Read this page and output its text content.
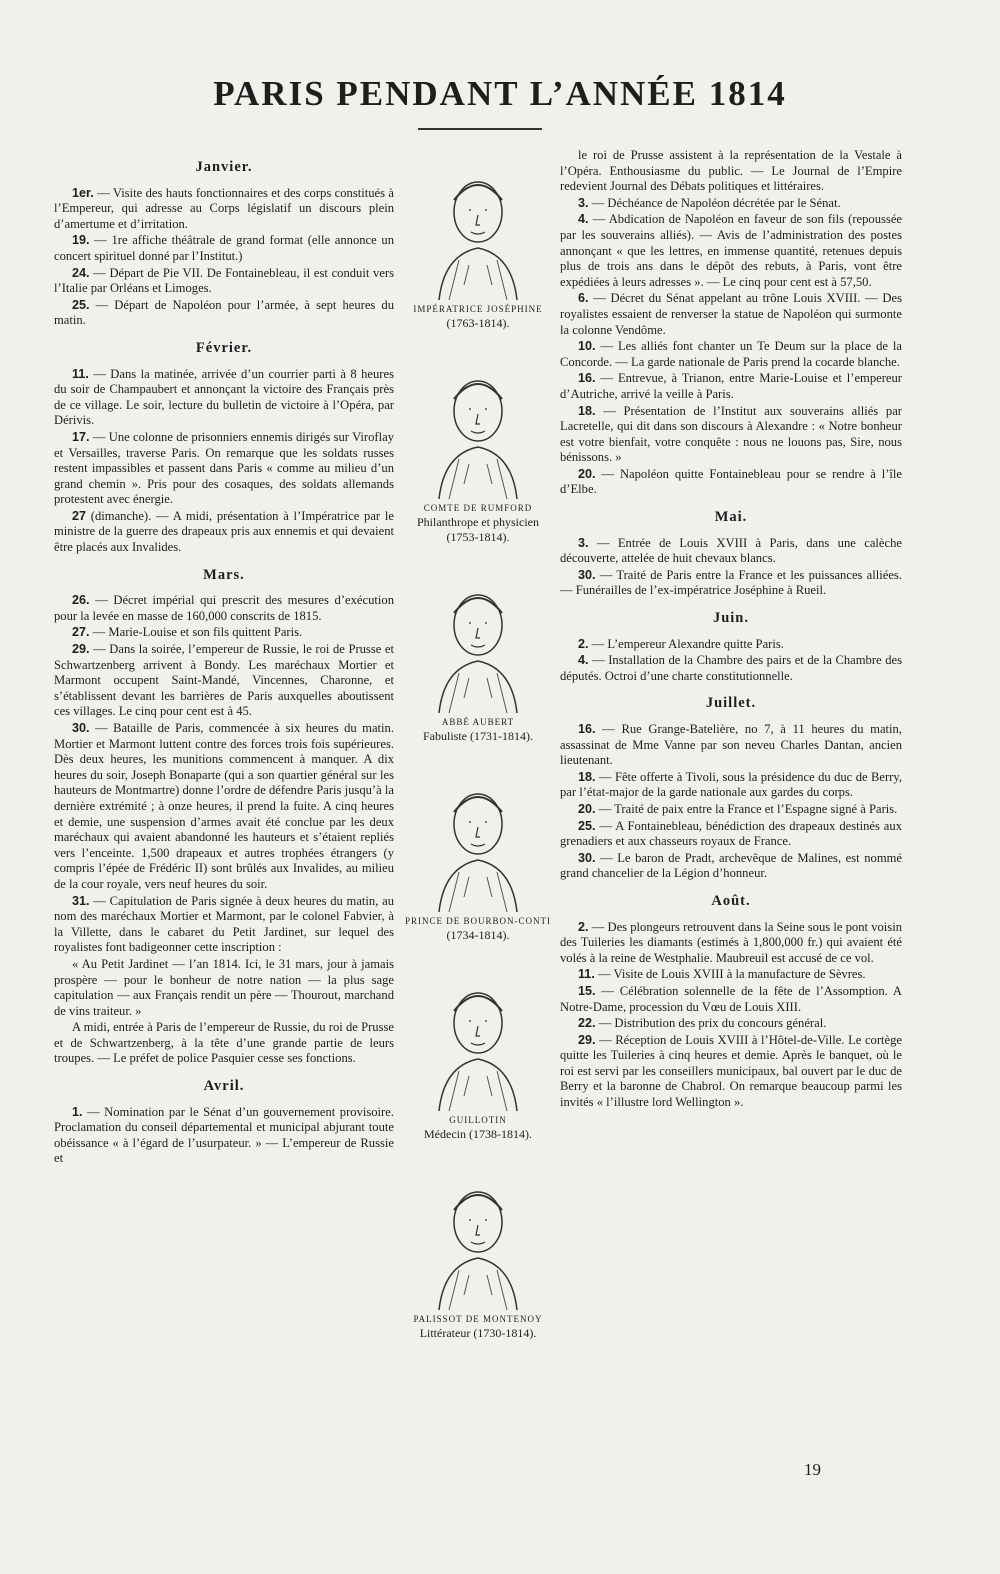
PARIS PENDANT L’ANNÉE 1814
Janvier.

1er. — Visite des hauts fonctionnaires et des corps constitués à l’Empereur, qui adresse au Corps législatif un discours plein d’amertume et d’irritation.

19. — 1re affiche théâtrale de grand format (elle annonce un concert spirituel donné par l’Institut.)

24. — Départ de Pie VII. De Fontainebleau, il est conduit vers l’Italie par Orléans et Limoges.

25. — Départ de Napoléon pour l’armée, à sept heures du matin.

Février.

11. — Dans la matinée, arrivée d’un courrier parti à 8 heures du soir de Champaubert et annonçant la victoire des Français près de ce village. Le soir, lecture du bulletin de victoire à l’Opéra, par Dérivis.

17. — Une colonne de prisonniers ennemis dirigés sur Viroflay et Versailles, traverse Paris. On remarque que les soldats russes restent impassibles et passent dans Paris « comme au milieu d’un grand chemin ». Pris pour des cosaques, des soldats allemands protestent avec énergie.

27 (dimanche). — A midi, présentation à l’Impératrice par le ministre de la guerre des drapeaux pris aux ennemis et qui devaient être placés aux Invalides.

Mars.

26. — Décret impérial qui prescrit des mesures d’exécution pour la levée en masse de 160,000 conscrits de 1815.

27. — Marie-Louise et son fils quittent Paris.

29. — Dans la soirée, l’empereur de Russie, le roi de Prusse et Schwartzenberg arrivent à Bondy. Les maréchaux Mortier et Marmont occupent Saint-Mandé, Vincennes, Charonne, et s’établissent devant les barrières de Paris auxquelles aboutissent ces villages. Le cinq pour cent est à 45.

30. — Bataille de Paris, commencée à six heures du matin. Mortier et Marmont luttent contre des forces trois fois supérieures. Dès deux heures, les munitions commencent à manquer. A dix heures du soir, Joseph Bonaparte (qui a son quartier général sur les hauteurs de Montmartre) donne l’ordre de défendre Paris jusqu’à la dernière extrémité ; à onze heures, il prend la fuite. A cinq heures et demie, une suspension d’armes avait été conclue par les deux maréchaux qui avaient abandonné les hauteurs et s’étaient repliés vers l’enceinte. 1,500 drapeaux et autres trophées étrangers (y compris l’épée de Frédéric II) sont brûlés aux Invalides, au milieu de la cour royale, vers neuf heures du soir.

31. — Capitulation de Paris signée à deux heures du matin, au nom des maréchaux Mortier et Marmont, par le colonel Fabvier, à la Villette, dans le cabaret du Petit Jardinet, sur lequel des royalistes font badigeonner cette inscription :

« Au Petit Jardinet — l’an 1814. Ici, le 31 mars, jour à jamais prospère — pour le bonheur de notre nation — la plus sage capitulation — aux Français rendit un père — Thourout, marchand de vins traiteur. »

A midi, entrée à Paris de l’empereur de Russie, du roi de Prusse et de Schwartzenberg, à la tête d’une grande partie de leurs troupes. — Le préfet de police Pasquier cesse ses fonctions.

Avril.

1. — Nomination par le Sénat d’un gouvernement provisoire. Proclamation du conseil départemental et municipal abjurant toute obéissance « à l’égard de l’usurpateur. » — L’empereur de Russie et

IMPÉRATRICE JOSÉPHINE

(1763-1814).

COMTE DE RUMFORD

Philanthrope et physicien (1753-1814).

ABBÉ AUBERT

Fabuliste (1731-1814).

PRINCE DE BOURBON-CONTI

(1734-1814).

GUILLOTIN

Médecin (1738-1814).

PALISSOT DE MONTENOY

Littérateur (1730-1814).

le roi de Prusse assistent à la représentation de la Vestale à l’Opéra. Enthousiasme du public. — Le Journal de l’Empire redevient Journal des Débats politiques et littéraires.

3. — Déchéance de Napoléon décrétée par le Sénat.

4. — Abdication de Napoléon en faveur de son fils (repoussée par les souverains alliés). — Avis de l’administration des postes annonçant « que les lettres, en immense quantité, retenues depuis plus de trois ans dans le dépôt des rebuts, à Paris, vont être expédiées à leurs adresses ». — Le cinq pour cent est à 57,50.

6. — Décret du Sénat appelant au trône Louis XVIII. — Des royalistes essaient de renverser la statue de Napoléon qui surmonte la colonne Vendôme.

10. — Les alliés font chanter un Te Deum sur la place de la Concorde. — La garde nationale de Paris prend la cocarde blanche.

16. — Entrevue, à Trianon, entre Marie-Louise et l’empereur d’Autriche, arrivé la veille à Paris.

18. — Présentation de l’Institut aux souverains alliés par Lacretelle, qui dit dans son discours à Alexandre : « Notre bonheur est votre bienfait, votre conquête : nous ne louons pas, Sire, nous bénissons. »

20. — Napoléon quitte Fontainebleau pour se rendre à l’île d’Elbe.

Mai.

3. — Entrée de Louis XVIII à Paris, dans une calèche découverte, attelée de huit chevaux blancs.

30. — Traité de Paris entre la France et les puissances alliées. — Funérailles de l’ex-impératrice Joséphine à Rueil.

Juin.

2. — L’empereur Alexandre quitte Paris.

4. — Installation de la Chambre des pairs et de la Chambre des députés. Octroi d’une charte constitutionnelle.

Juillet.

16. — Rue Grange-Batelière, no 7, à 11 heures du matin, assassinat de Mme Vanne par son neveu Charles Dantan, ancien lieutenant.

18. — Fête offerte à Tivoli, sous la présidence du duc de Berry, par l’état-major de la garde nationale aux gardes du corps.

20. — Traité de paix entre la France et l’Espagne signé à Paris.

25. — A Fontainebleau, bénédiction des drapeaux destinés aux grenadiers et aux chasseurs royaux de France.

30. — Le baron de Pradt, archevêque de Malines, est nommé grand chancelier de la Légion d’honneur.

Août.

2. — Des plongeurs retrouvent dans la Seine sous le pont voisin des Tuileries les diamants (estimés à 1,800,000 fr.) qui avaient été volés à la reine de Westphalie. Maubreuil est accusé de ce vol.

11. — Visite de Louis XVIII à la manufacture de Sèvres.

15. — Célébration solennelle de la fête de l’Assomption. A Notre-Dame, procession du Vœu de Louis XIII.

22. — Distribution des prix du concours général.

29. — Réception de Louis XVIII à l’Hôtel-de-Ville. Le cortège quitte les Tuileries à cinq heures et demie. Après le banquet, où le roi est servi par les conseillers municipaux, bal ouvert par le duc de Berry et la baronne de Chabrol. On remarque beaucoup parmi les invités « l’illustre lord Wellington ».

19
